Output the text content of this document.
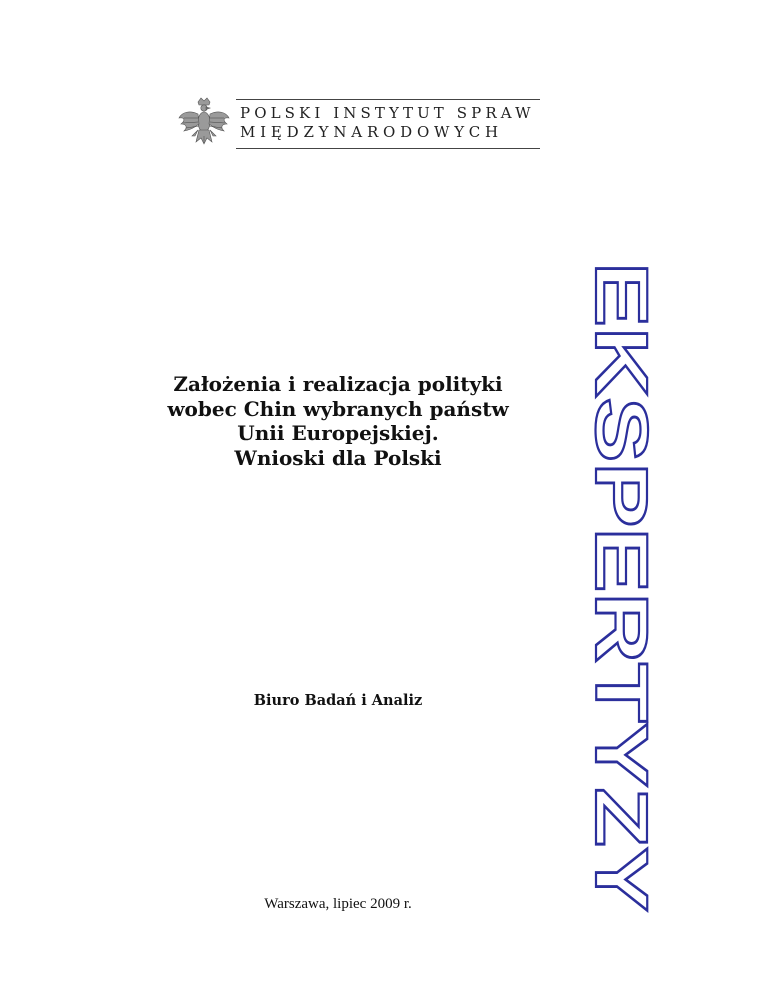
POLSKI INSTYTUT SPRAW
MIĘDZYNARODOWYCH
Założenia i realizacja polityki
wobec Chin wybranych państw
Unii Europejskiej.
Wnioski dla Polski
Biuro Badań i Analiz
Warszawa, lipiec 2009 r.
EKSPERTYZY
